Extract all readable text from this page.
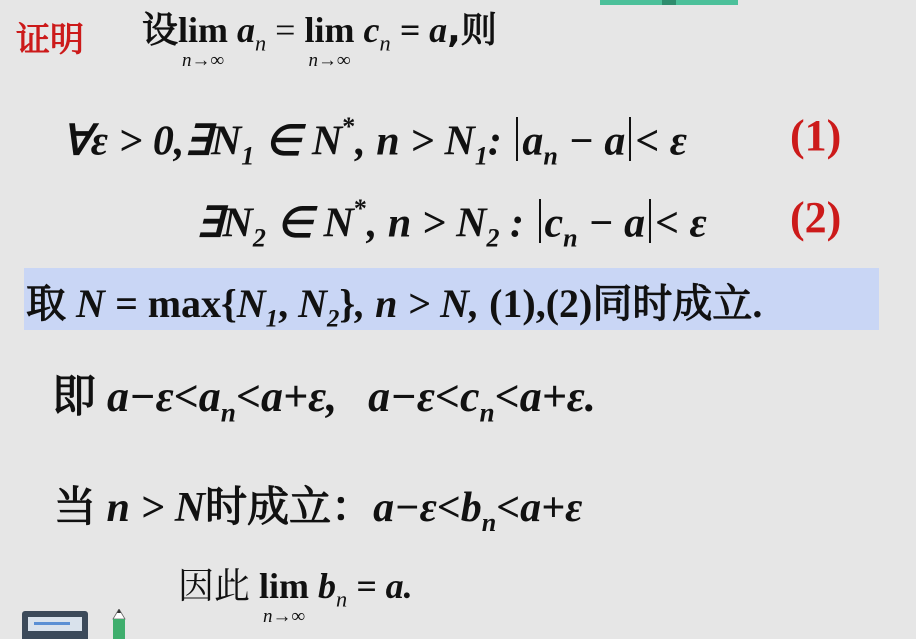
证明 设 lim
n→∞
$a_n = \lim$
n→∞
$c_n = a$,则
∀ε > $0,\exists N_1$ ∈ N*, $n > N_1$: $a_n - a < \varepsilon$ (1)
$\exists N_2$ ∈ N*, $n > N_2$ : $c_n - a < \varepsilon$ (2)
取 $N = \max\{N_1$, $N_2$}, n > N, (1),(2)同时成立.
即 $a-\varepsilon<a_n<a+\varepsilon$, $a-\varepsilon<c_n<a+\varepsilon$.
当 n > N时成立：$a-\varepsilon<b_n<a+\varepsilon$
因此 lim
n→∞
$b_n = a$.
